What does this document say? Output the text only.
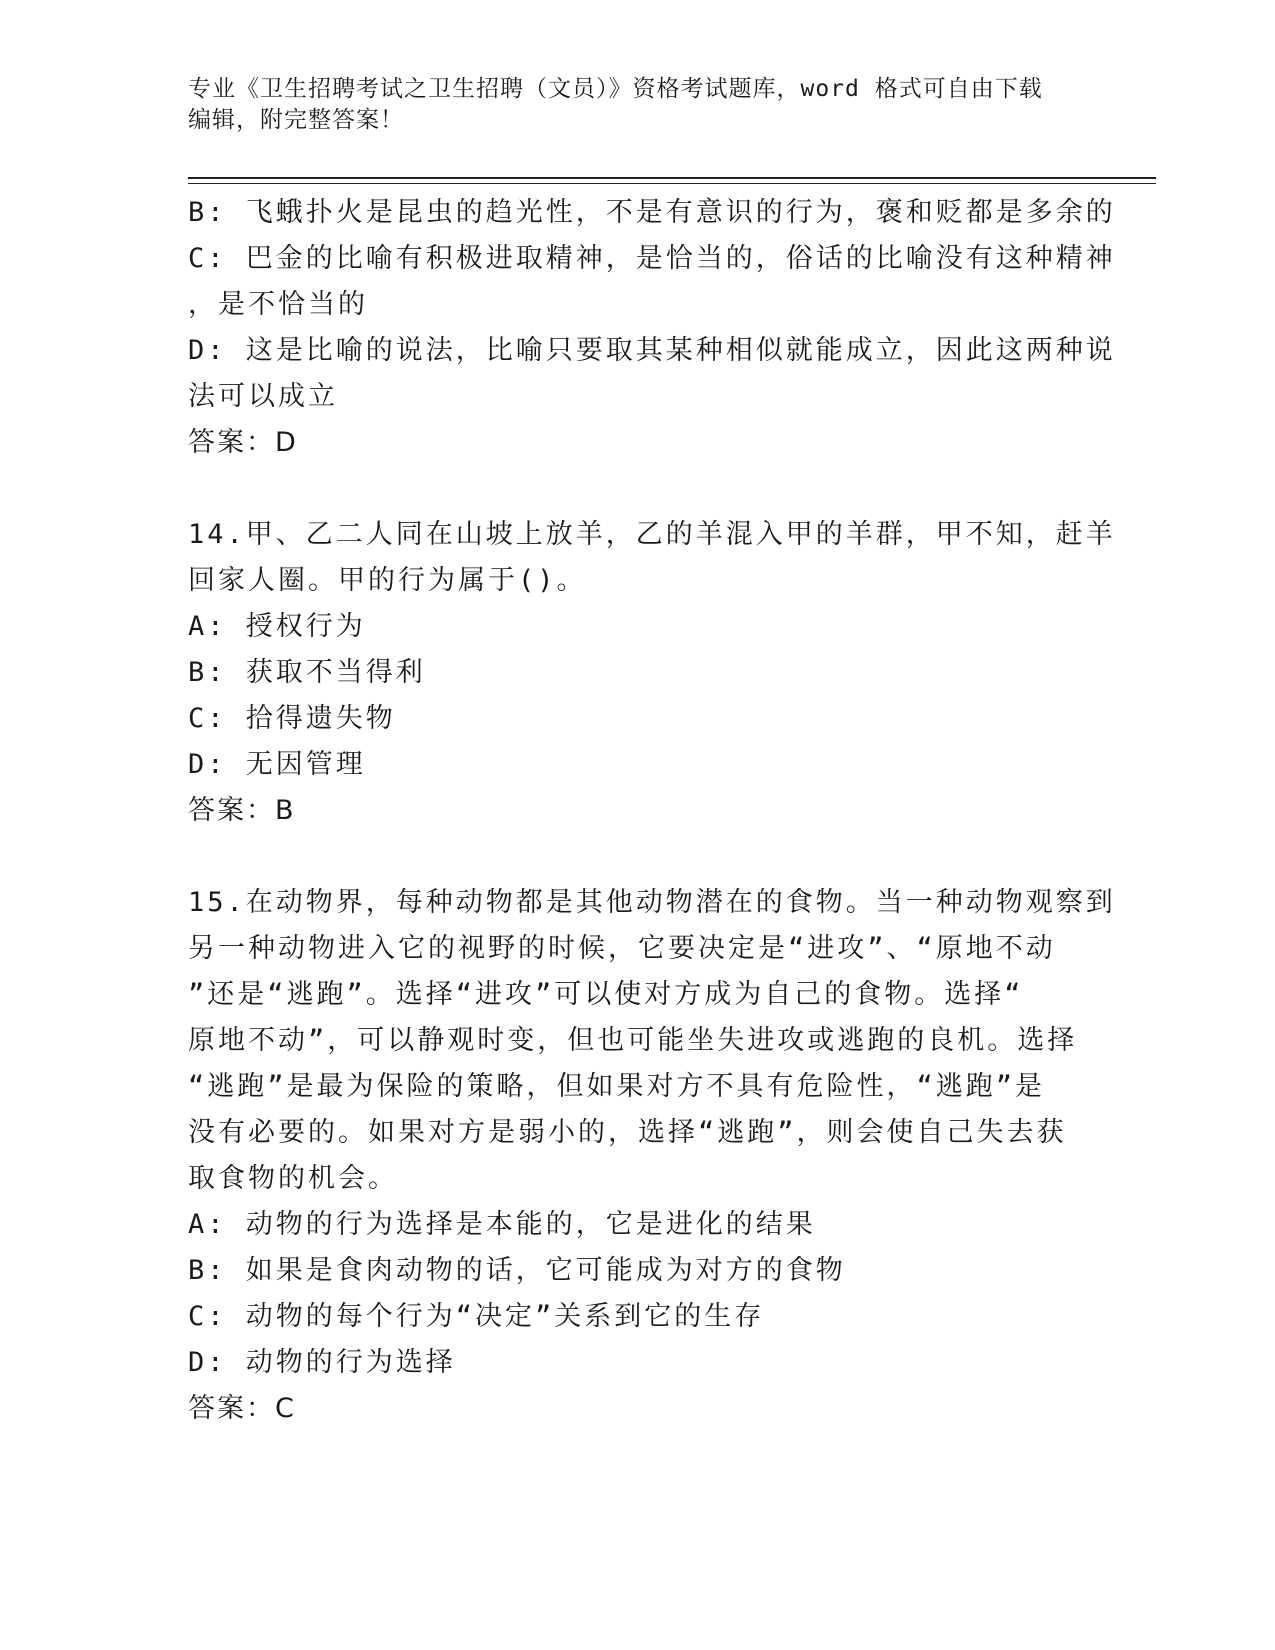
专业《卫生招聘考试之卫生招聘（文员）》资格考试题库，word 格式可自由下载
编辑，附完整答案！
B: 飞蛾扑火是昆虫的趋光性，不是有意识的行为，褒和贬都是多余的
C: 巴金的比喻有积极进取精神，是恰当的，俗话的比喻没有这种精神
，是不恰当的
D: 这是比喻的说法，比喻只要取其某种相似就能成立，因此这两种说
法可以成立
答案：D
14.甲、乙二人同在山坡上放羊，乙的羊混入甲的羊群，甲不知，赶羊
回家人圈。甲的行为属于()。
A: 授权行为
B: 获取不当得利
C: 拾得遗失物
D: 无因管理
答案：B
15.在动物界，每种动物都是其他动物潜在的食物。当一种动物观察到
另一种动物进入它的视野的时候，它要决定是“进攻”、“原地不动
”还是“逃跑”。选择“进攻”可以使对方成为自己的食物。选择“
原地不动”，可以静观时变，但也可能坐失进攻或逃跑的良机。选择
“逃跑”是最为保险的策略，但如果对方不具有危险性，“逃跑”是
没有必要的。如果对方是弱小的，选择“逃跑”，则会使自己失去获
取食物的机会。
A: 动物的行为选择是本能的，它是进化的结果
B: 如果是食肉动物的话，它可能成为对方的食物
C: 动物的每个行为“决定”关系到它的生存
D: 动物的行为选择
答案：C
